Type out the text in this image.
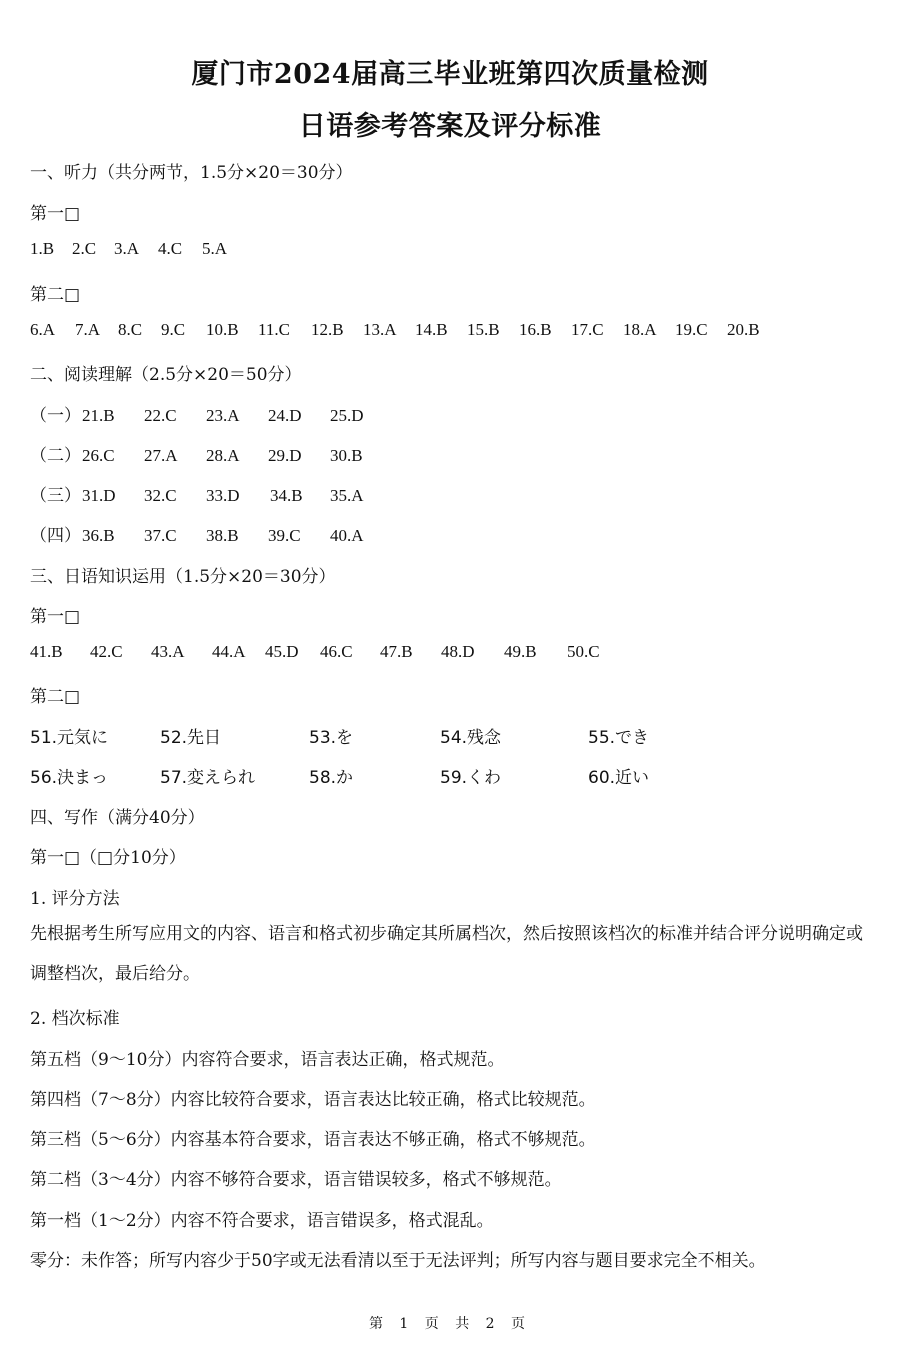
厦门市2024届高三毕业班第四次质量检测
日语参考答案及评分标准
一、听力（共分两节，1.5分×20＝30分）
第一□
1.B 2.C 3.A 4.C 5.A
第二□
6.A 7.A 8.C 9.C 10.B 11.C 12.B 13.A 14.B 15.B 16.B 17.C 18.A 19.C 20.B
二、阅读理解（2.5分×20＝50分）
（一）21.B 22.C 23.A 24.D 25.D
（二）26.C 27.A 28.A 29.D 30.B
（三）31.D 32.C 33.D 34.B 35.A
（四）36.B 37.C 38.B 39.C 40.A
三、日语知识运用（1.5分×20＝30分）
第一□
41.B 42.C 43.A 44.A 45.D 46.C 47.B 48.D 49.B 50.C
第二□
51.元気に	52.先日	53.を	54.残念	55.でき
56.決まっ	57.変えられ	58.か	59.くわ	60.近い
四、写作（满分40分）
第一□（□分10分）
1. 评分方法
先根据考生所写应用文的内容、语言和格式初步确定其所属档次，然后按照该档次的标准并结合评分说明确定或调整档次，最后给分。
2. 档次标准
第五档（9～10分）内容符合要求，语言表达正确，格式规范。
第四档（7～8分）内容比较符合要求，语言表达比较正确，格式比较规范。
第三档（5～6分）内容基本符合要求，语言表达不够正确，格式不够规范。
第二档（3～4分）内容不够符合要求，语言错误较多，格式不够规范。
第一档（1～2分）内容不符合要求，语言错误多，格式混乱。
零分：未作答；所写内容少于50字或无法看清以至于无法评判；所写内容与题目要求完全不相关。
第 1 页 共 2 页
